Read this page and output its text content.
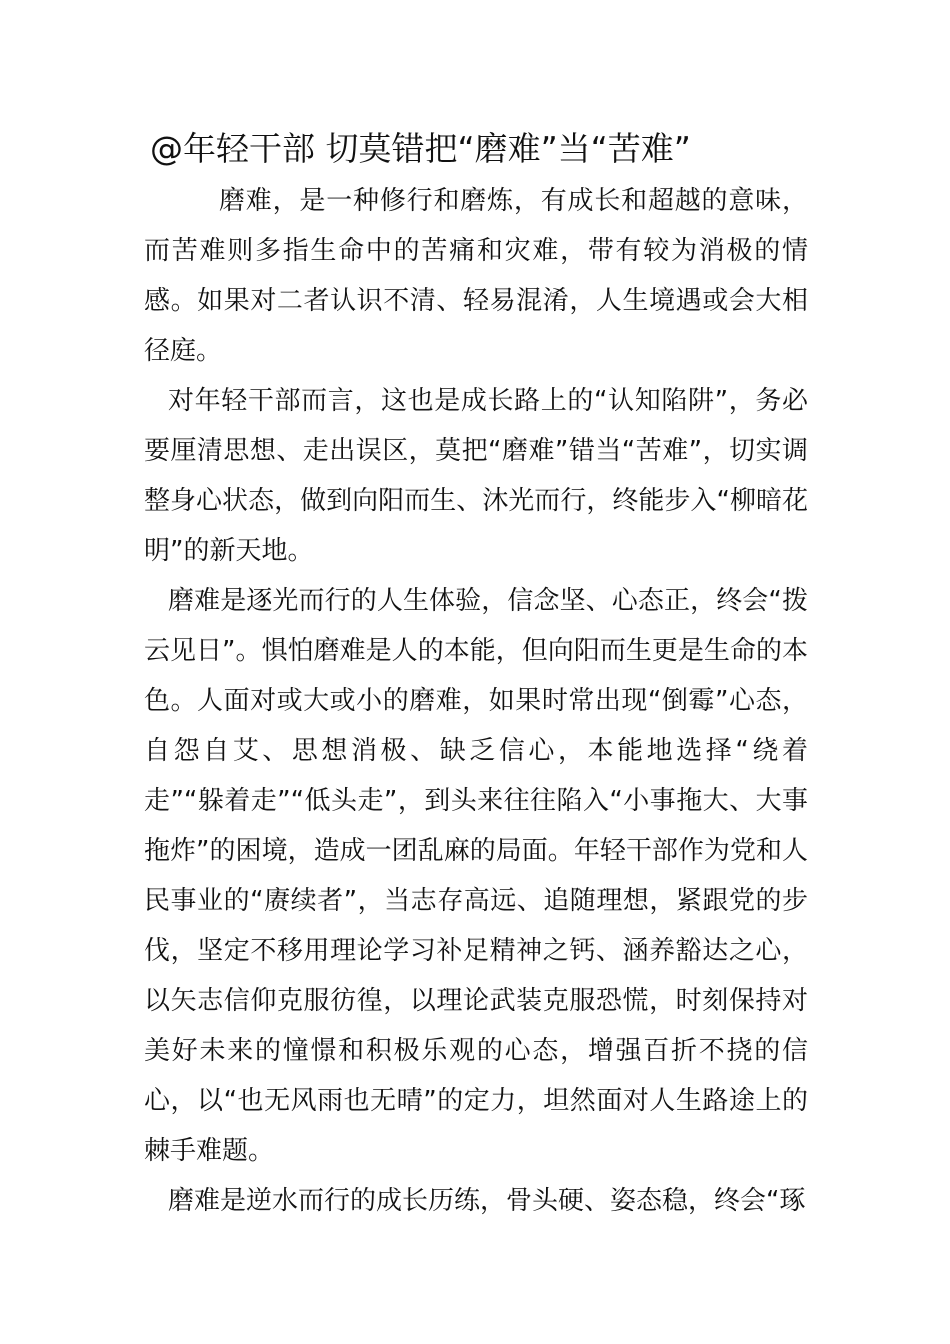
@年轻干部 切莫错把“磨难”当“苦难”

磨难，是一种修行和磨炼，有成长和超越的意味，而苦难则多指生命中的苦痛和灾难，带有较为消极的情感。如果对二者认识不清、轻易混淆，人生境遇或会大相径庭。

对年轻干部而言，这也是成长路上的“认知陷阱”，务必要厘清思想、走出误区，莫把“磨难”错当“苦难”，切实调整身心状态，做到向阳而生、沐光而行，终能步入“柳暗花明”的新天地。

磨难是逐光而行的人生体验，信念坚、心态正，终会“拨云见日”。惧怕磨难是人的本能，但向阳而生更是生命的本色。人面对或大或小的磨难，如果时常出现“倒霉”心态，自怨自艾、思想消极、缺乏信心，本能地选择“绕着走”“躲着走”“低头走”，到头来往往陷入“小事拖大、大事拖炸”的困境，造成一团乱麻的局面。年轻干部作为党和人民事业的“赓续者”，当志存高远、追随理想，紧跟党的步伐，坚定不移用理论学习补足精神之钙、涵养豁达之心，以矢志信仰克服彷徨，以理论武装克服恐慌，时刻保持对美好未来的憧憬和积极乐观的心态，增强百折不挠的信心，以“也无风雨也无晴”的定力，坦然面对人生路途上的棘手难题。

磨难是逆水而行的成长历练，骨头硬、姿态稳，终会“琢
